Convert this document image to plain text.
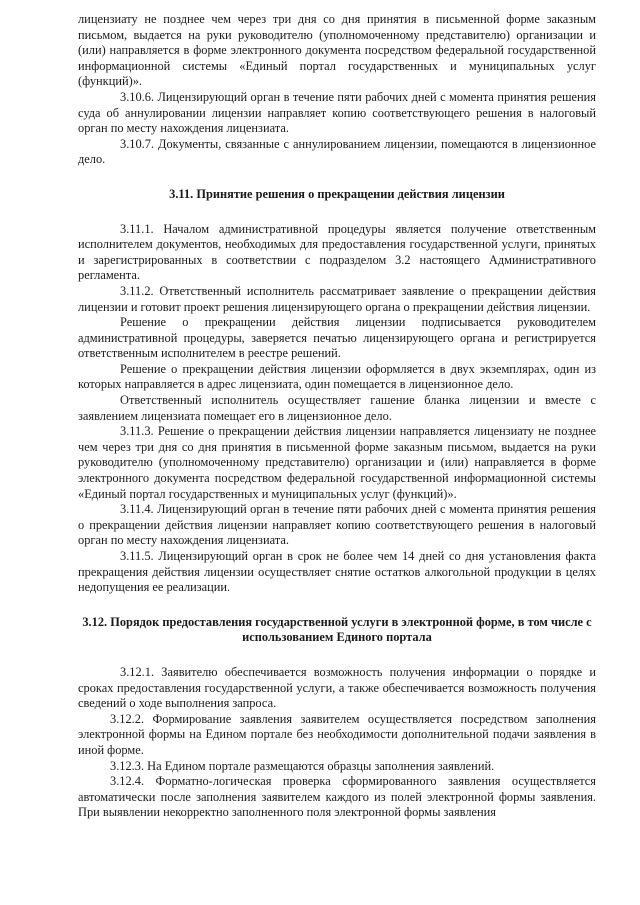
лицензиату не позднее чем через три дня со дня принятия в письменной форме заказным письмом, выдается на руки руководителю (уполномоченному представителю) организации и (или) направляется в форме электронного документа посредством федеральной государственной информационной системы «Единый портал государственных и муниципальных услуг (функций)».

3.10.6. Лицензирующий орган в течение пяти рабочих дней с момента принятия решения суда об аннулировании лицензии направляет копию соответствующего решения в налоговый орган по месту нахождения лицензиата.

3.10.7. Документы, связанные с аннулированием лицензии, помещаются в лицензионное дело.

3.11. Принятие решения о прекращении действия лицензии

3.11.1. Началом административной процедуры является получение ответственным исполнителем документов, необходимых для предоставления государственной услуги, принятых и зарегистрированных в соответствии с подразделом 3.2 настоящего Административного регламента.

3.11.2. Ответственный исполнитель рассматривает заявление о прекращении действия лицензии и готовит проект решения лицензирующего органа о прекращении действия лицензии.

Решение о прекращении действия лицензии подписывается руководителем административной процедуры, заверяется печатью лицензирующего органа и регистрируется ответственным исполнителем в реестре решений.

Решение о прекращении действия лицензии оформляется в двух экземплярах, один из которых направляется в адрес лицензиата, один помещается в лицензионное дело.

Ответственный исполнитель осуществляет гашение бланка лицензии и вместе с заявлением лицензиата помещает его в лицензионное дело.

3.11.3. Решение о прекращении действия лицензии направляется лицензиату не позднее чем через три дня со дня принятия в письменной форме заказным письмом, выдается на руки руководителю (уполномоченному представителю) организации и (или) направляется в форме электронного документа посредством федеральной государственной информационной системы «Единый портал государственных и муниципальных услуг (функций)».

3.11.4. Лицензирующий орган в течение пяти рабочих дней с момента принятия решения о прекращении действия лицензии направляет копию соответствующего решения в налоговый орган по месту нахождения лицензиата.

3.11.5. Лицензирующий орган в срок не более чем 14 дней со дня установления факта прекращения действия лицензии осуществляет снятие остатков алкогольной продукции в целях недопущения ее реализации.

3.12. Порядок предоставления государственной услуги в электронной форме, в том числе с использованием Единого портала

3.12.1. Заявителю обеспечивается возможность получения информации о порядке и сроках предоставления государственной услуги, а также обеспечивается возможность получения сведений о ходе выполнения запроса.

3.12.2. Формирование заявления заявителем осуществляется посредством заполнения электронной формы на Едином портале без необходимости дополнительной подачи заявления в иной форме.

3.12.3. На Едином портале размещаются образцы заполнения заявлений.

3.12.4. Форматно-логическая проверка сформированного заявления осуществляется автоматически после заполнения заявителем каждого из полей электронной формы заявления. При выявлении некорректно заполненного поля электронной формы заявления
